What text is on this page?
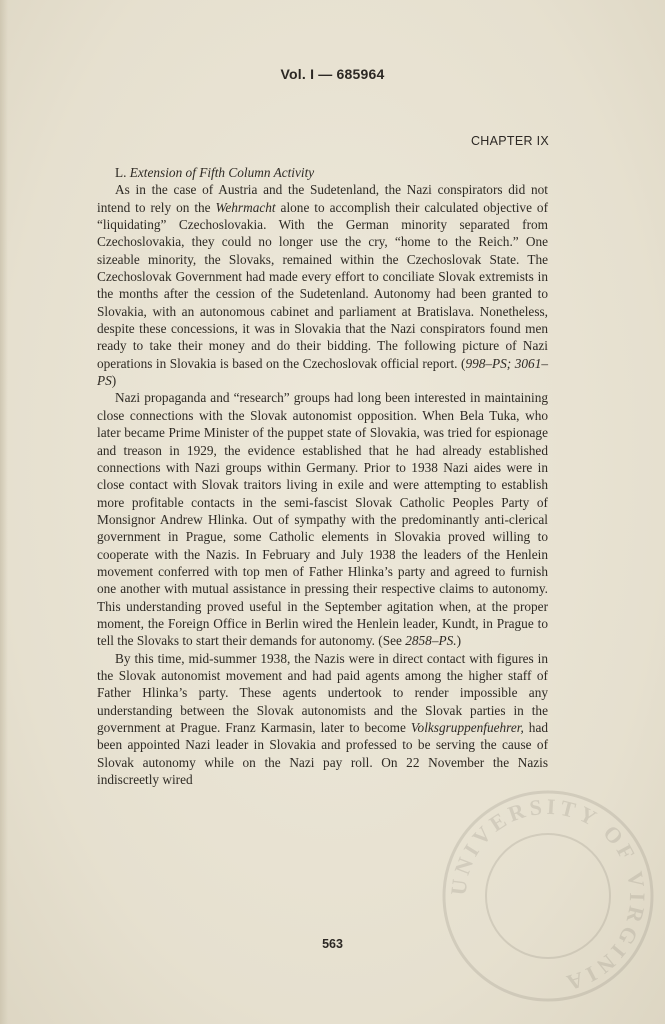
Vol. I — 685964
CHAPTER IX

L. Extension of Fifth Column Activity

As in the case of Austria and the Sudetenland, the Nazi conspirators did not intend to rely on the Wehrmacht alone to accomplish their calculated objective of “liquidating” Czechoslovakia. With the German minority separated from Czechoslovakia, they could no longer use the cry, “home to the Reich.” One sizeable minority, the Slovaks, remained within the Czechoslovak State. The Czechoslovak Government had made every effort to conciliate Slovak extremists in the months after the cession of the Sudetenland. Autonomy had been granted to Slovakia, with an autonomous cabinet and parliament at Bratislava. Nonetheless, despite these concessions, it was in Slovakia that the Nazi conspirators found men ready to take their money and do their bidding. The following picture of Nazi operations in Slovakia is based on the Czechoslovak official report. (998–PS; 3061–PS)

Nazi propaganda and “research” groups had long been interested in maintaining close connections with the Slovak autonomist opposition. When Bela Tuka, who later became Prime Minister of the puppet state of Slovakia, was tried for espionage and treason in 1929, the evidence established that he had already established connections with Nazi groups within Germany. Prior to 1938 Nazi aides were in close contact with Slovak traitors living in exile and were attempting to establish more profitable contacts in the semi-fascist Slovak Catholic Peoples Party of Monsignor Andrew Hlinka. Out of sympathy with the predominantly anti-clerical government in Prague, some Catholic elements in Slovakia proved willing to cooperate with the Nazis. In February and July 1938 the leaders of the Henlein movement conferred with top men of Father Hlinka’s party and agreed to furnish one another with mutual assistance in pressing their respective claims to autonomy. This understanding proved useful in the September agitation when, at the proper moment, the Foreign Office in Berlin wired the Henlein leader, Kundt, in Prague to tell the Slovaks to start their demands for autonomy. (See 2858–PS.)

By this time, mid-summer 1938, the Nazis were in direct contact with figures in the Slovak autonomist movement and had paid agents among the higher staff of Father Hlinka’s party. These agents undertook to render impossible any understanding between the Slovak autonomists and the Slovak parties in the government at Prague. Franz Karmasin, later to become Volksgruppenfuehrer, had been appointed Nazi leader in Slovakia and professed to be serving the cause of Slovak autonomy while on the Nazi pay roll. On 22 November the Nazis indiscreetly wired

563
UNIVERSITY OF VIRGINIA
